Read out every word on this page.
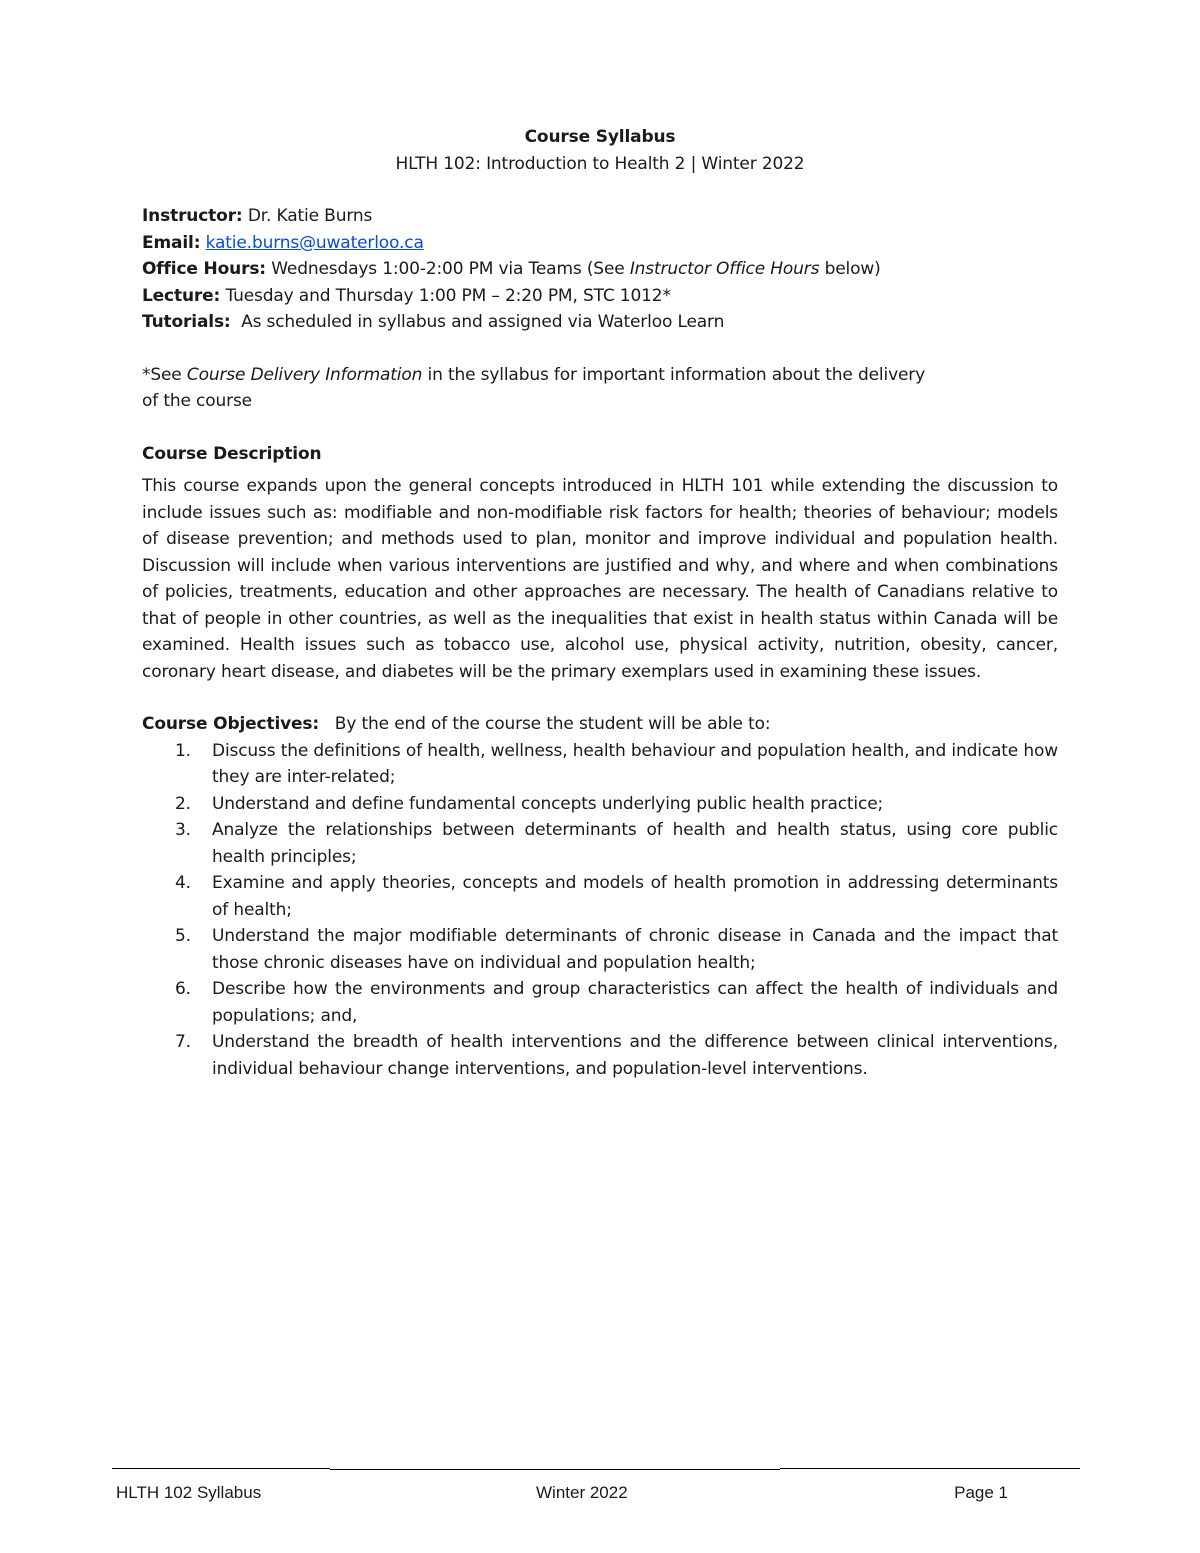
Course Syllabus

HLTH 102: Introduction to Health 2 | Winter 2022

Instructor: Dr. Katie Burns

Email: katie.burns@uwaterloo.ca

Office Hours: Wednesdays 1:00-2:00 PM via Teams (See Instructor Office Hours below)

Lecture: Tuesday and Thursday 1:00 PM – 2:20 PM, STC 1012*

Tutorials:  As scheduled in syllabus and assigned via Waterloo Learn

*See Course Delivery Information in the syllabus for important information about the delivery
of the course

Course Description

This course expands upon the general concepts introduced in HLTH 101 while extending the discussion to include issues such as: modifiable and non-modifiable risk factors for health; theories of behaviour; models of disease prevention; and methods used to plan, monitor and improve individual and population health. Discussion will include when various interventions are justified and why, and where and when combinations of policies, treatments, education and other approaches are necessary. The health of Canadians relative to that of people in other countries, as well as the inequalities that exist in health status within Canada will be examined. Health issues such as tobacco use, alcohol use, physical activity, nutrition, obesity, cancer, coronary heart disease, and diabetes will be the primary exemplars used in examining these issues.

Course Objectives:   By the end of the course the student will be able to:

1. Discuss the definitions of health, wellness, health behaviour and population health, and indicate how they are inter-related;
2. Understand and define fundamental concepts underlying public health practice;
3. Analyze the relationships between determinants of health and health status, using core public health principles;
4. Examine and apply theories, concepts and models of health promotion in addressing determinants of health;
5. Understand the major modifiable determinants of chronic disease in Canada and the impact that those chronic diseases have on individual and population health;
6. Describe how the environments and group characteristics can affect the health of individuals and populations; and,
7. Understand the breadth of health interventions and the difference between clinical interventions, individual behaviour change interventions, and population-level interventions.
HLTH 102 Syllabus	Winter 2022	Page 1
